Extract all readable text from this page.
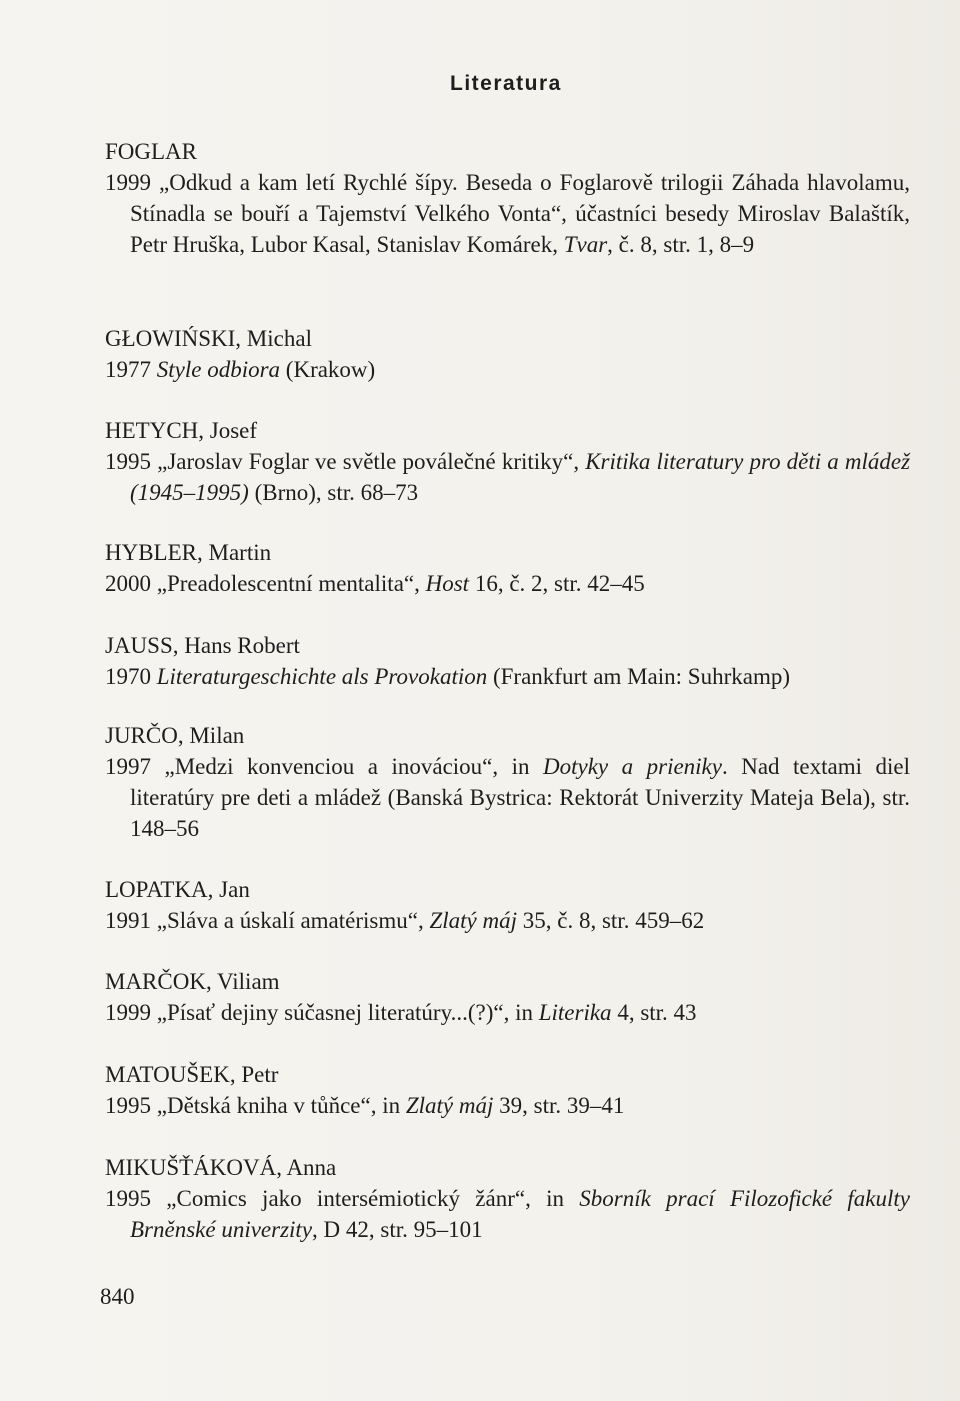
Literatura
FOGLAR

1999 „Odkud a kam letí Rychlé šípy. Beseda o Foglarově trilogii Záhada hlavolamu, Stínadla se bouří a Tajemství Velkého Vonta“, účastníci besedy Miroslav Balaštík, Petr Hruška, Lubor Kasal, Stanislav Komárek, Tvar, č. 8, str. 1, 8–9

GŁOWIŃSKI, Michal

1977 Style odbiora (Krakow)

HETYCH, Josef

1995 „Jaroslav Foglar ve světle poválečné kritiky“, Kritika literatury pro děti a mládež (1945–1995) (Brno), str. 68–73

HYBLER, Martin

2000 „Preadolescentní mentalita“, Host 16, č. 2, str. 42–45

JAUSS, Hans Robert

1970 Literaturgeschichte als Provokation (Frankfurt am Main: Suhrkamp)

JURČO, Milan

1997 „Medzi konvenciou a inováciou“, in Dotyky a prieniky. Nad textami diel literatúry pre deti a mládež (Banská Bystrica: Rektorát Univerzity Mateja Bela), str. 148–56

LOPATKA, Jan

1991 „Sláva a úskalí amatérismu“, Zlatý máj 35, č. 8, str. 459–62

MARČOK, Viliam

1999 „Písať dejiny súčasnej literatúry...(?)“, in Literika 4, str. 43

MATOUŠEK, Petr

1995 „Dětská kniha v tůňce“, in Zlatý máj 39, str. 39–41

MIKUŠŤÁKOVÁ, Anna

1995 „Comics jako intersémiotický žánr“, in Sborník prací Filozofické fakulty Brněnské univerzity, D 42, str. 95–101

840
